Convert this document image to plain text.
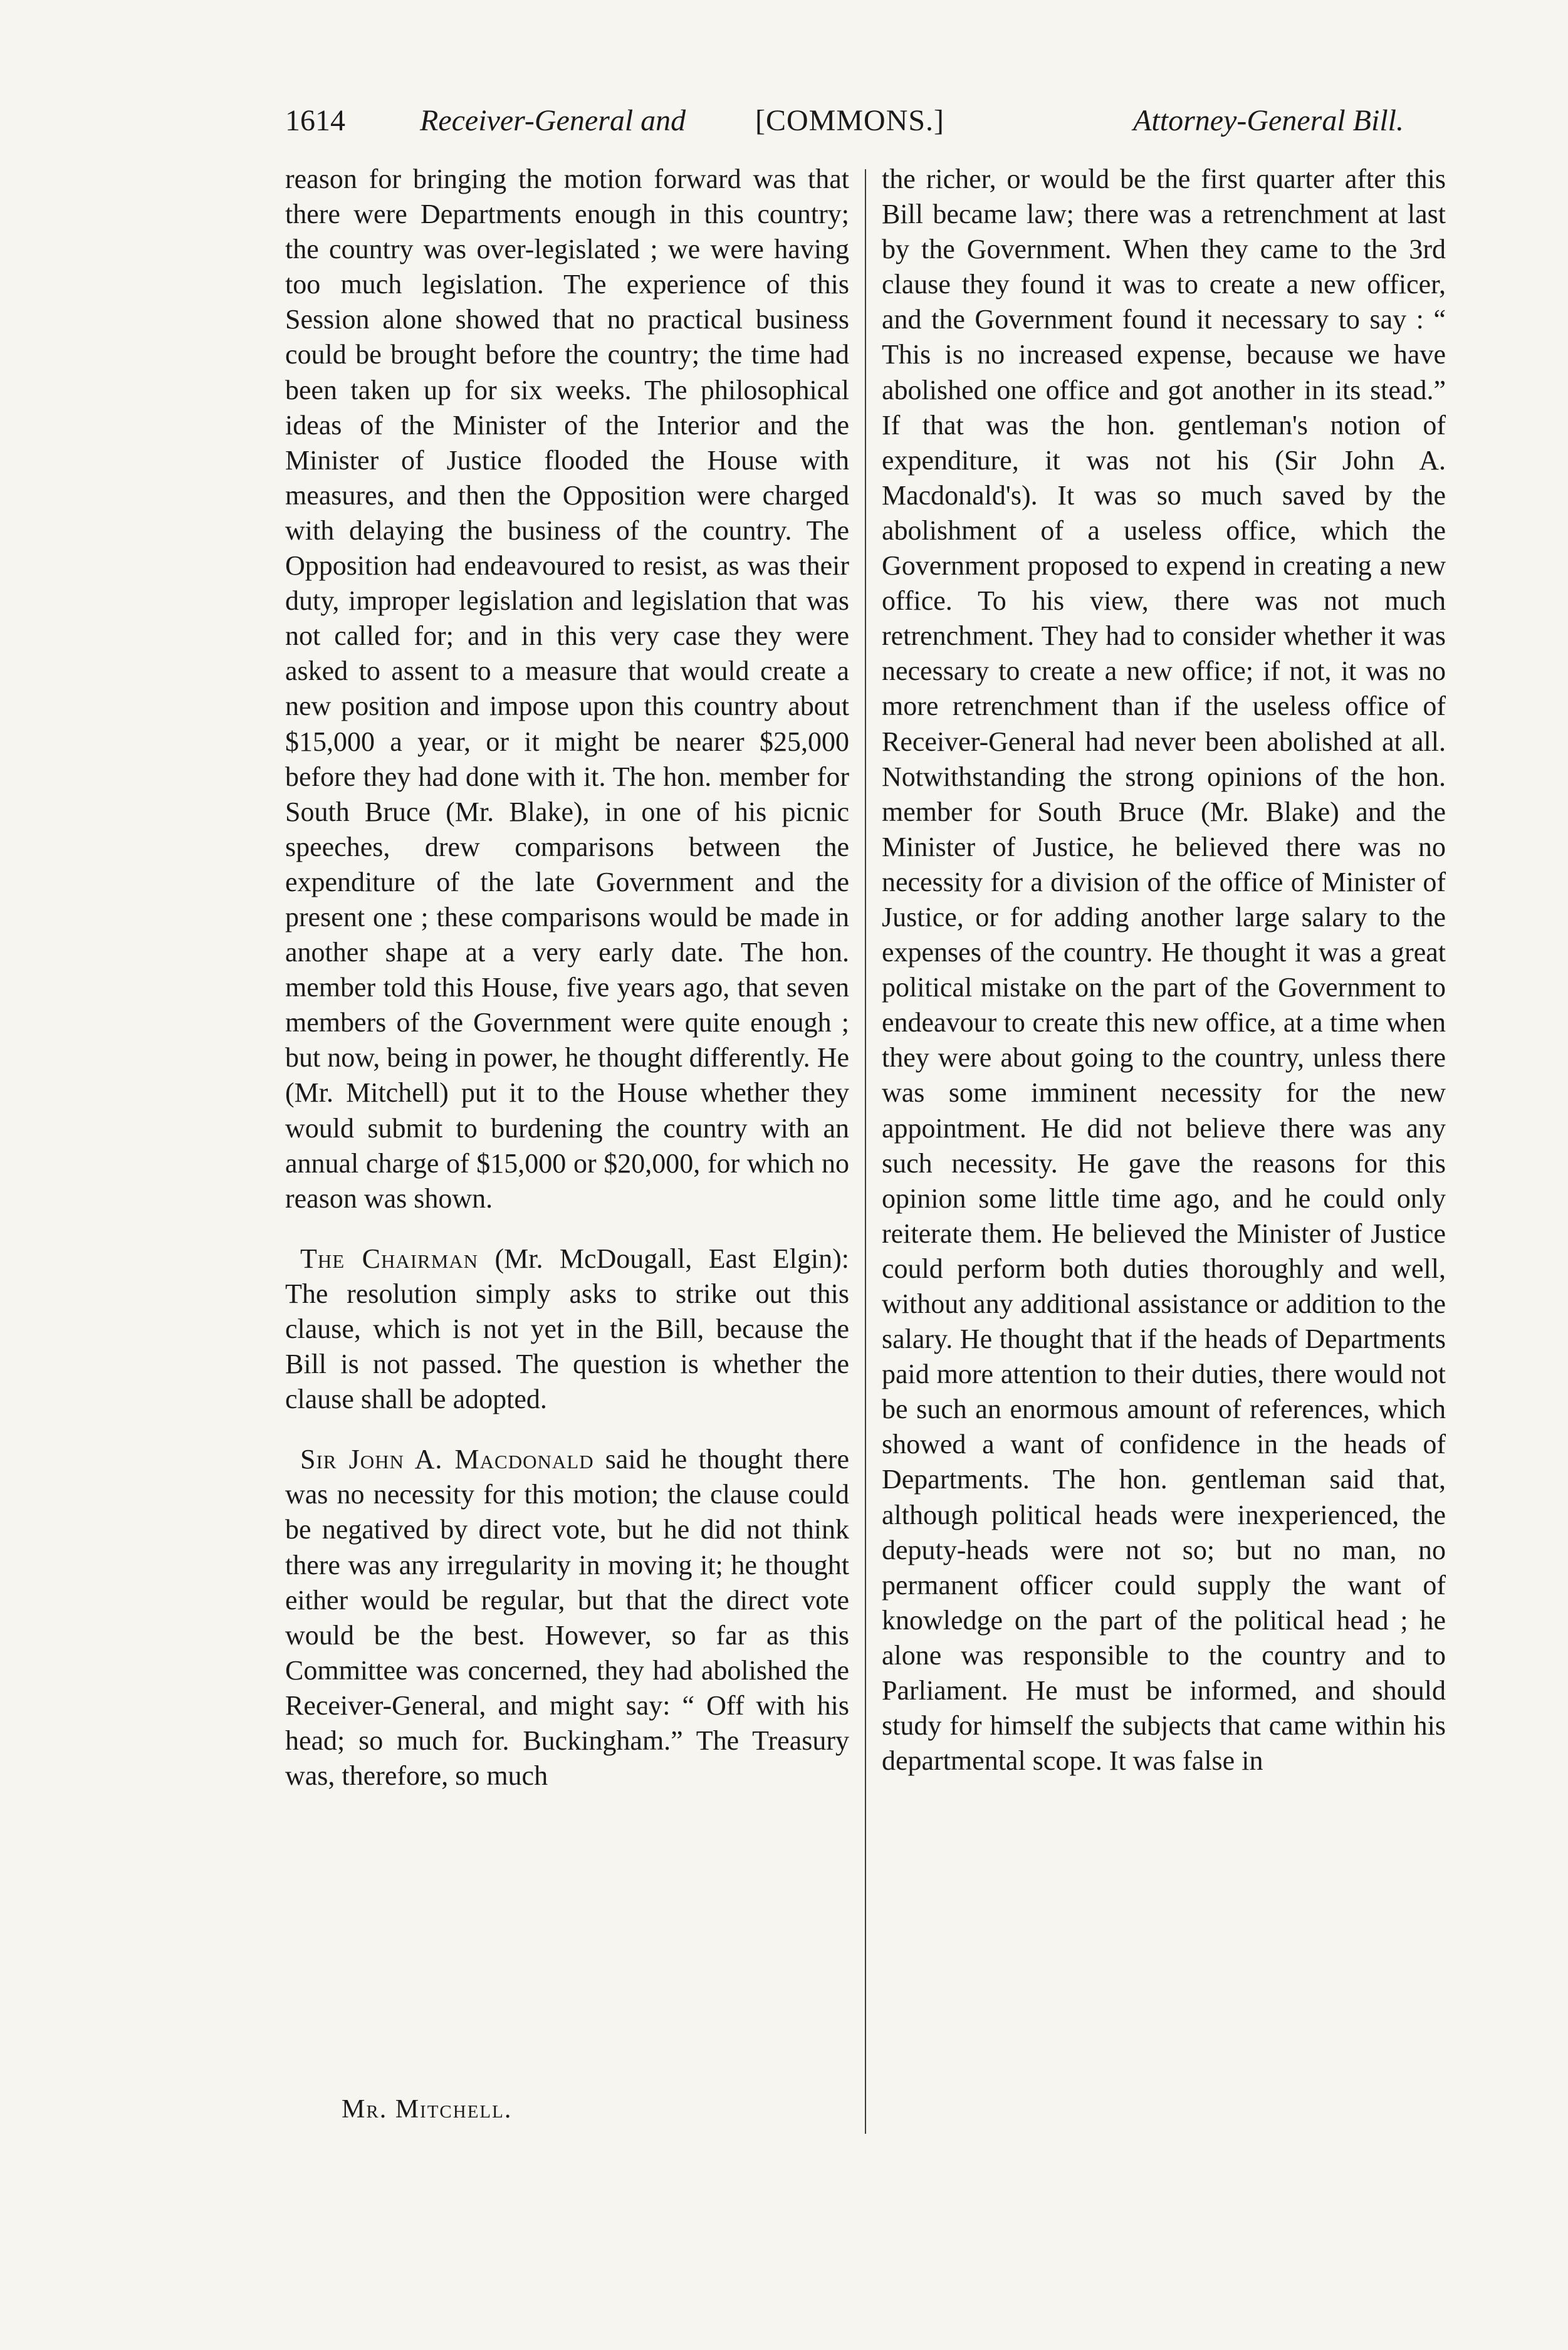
1614 Receiver-General and [COMMONS.]	Attorney-General Bill.

reason for bringing the motion forward was that there were Departments enough in this country; the country was over-legislated ; we were having too much legislation. The experience of this Session alone showed that no practical business could be brought before the country; the time had been taken up for six weeks. The philosophical ideas of the Minister of the Interior and the Minister of Justice flooded the House with measures, and then the Opposition were charged with delaying the business of the country. The Opposition had endeavoured to resist, as was their duty, improper legislation and legislation that was not called for; and in this very case they were asked to assent to a measure that would create a new position and impose upon this country about $15,000 a year, or it might be nearer $25,000 before they had done with it. The hon. member for South Bruce (Mr. Blake), in one of his picnic speeches, drew comparisons between the expenditure of the late Government and the present one ; these comparisons would be made in another shape at a very early date. The hon. member told this House, five years ago, that seven members of the Government were quite enough ; but now, being in power, he thought differently. He (Mr. Mitchell) put it to the House whether they would submit to burdening the country with an annual charge of $15,000 or $20,000, for which no reason was shown.

The Chairman (Mr. McDougall, East Elgin): The resolution simply asks to strike out this clause, which is not yet in the Bill, because the Bill is not passed. The question is whether the clause shall be adopted.

Sir John A. Macdonald said he thought there was no necessity for this motion; the clause could be negatived by direct vote, but he did not think there was any irregularity in moving it; he thought either would be regular, but that the direct vote would be the best. However, so far as this Committee was concerned, they had abolished the Receiver-General, and might say: “ Off with his head; so much for. Buckingham.” The Treasury was, therefore, so much

the richer, or would be the first quarter after this Bill became law; there was a retrenchment at last by the Government. When they came to the 3rd clause they found it was to create a new officer, and the Government found it necessary to say : “ This is no increased expense, because we have abolished one office and got another in its stead.” If that was the hon. gentleman's notion of expenditure, it was not his (Sir John A. Macdonald's). It was so much saved by the abolishment of a useless office, which the Government proposed to expend in creating a new office. To his view, there was not much retrenchment. They had to consider whether it was necessary to create a new office; if not, it was no more retrenchment than if the useless office of Receiver-General had never been abolished at all. Notwithstanding the strong opinions of the hon. member for South Bruce (Mr. Blake) and the Minister of Justice, he believed there was no necessity for a division of the office of Minister of Justice, or for adding another large salary to the expenses of the country. He thought it was a great political mistake on the part of the Government to endeavour to create this new office, at a time when they were about going to the country, unless there was some imminent necessity for the new appointment. He did not believe there was any such necessity. He gave the reasons for this opinion some little time ago, and he could only reiterate them. He believed the Minister of Justice could perform both duties thoroughly and well, without any additional assistance or addition to the salary. He thought that if the heads of Departments paid more attention to their duties, there would not be such an enormous amount of references, which showed a want of confidence in the heads of Departments. The hon. gentleman said that, although political heads were inexperienced, the deputy-heads were not so; but no man, no permanent officer could supply the want of knowledge on the part of the political head ; he alone was responsible to the country and to Parliament. He must be informed, and should study for himself the subjects that came within his departmental scope. It was false in

Mr. Mitchell.
